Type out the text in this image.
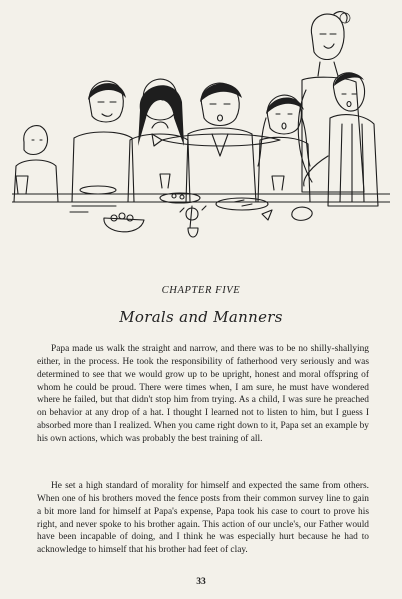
CHAPTER FIVE
Morals and Manners

Papa made us walk the straight and narrow, and there was to be no shilly-shallying either, in the process. He took the responsibility of fatherhood very seriously and was determined to see that we would grow up to be upright, honest and moral offspring of whom he could be proud. There were times when, I am sure, he must have wondered where he failed, but that didn't stop him from trying. As a child, I was sure he preached on behavior at any drop of a hat. I thought I learned not to listen to him, but I guess I absorbed more than I realized. When you came right down to it, Papa set an example by his own actions, which was probably the best training of all.

He set a high standard of morality for himself and expected the same from others. When one of his brothers moved the fence posts from their common survey line to gain a bit more land for himself at Papa's expense, Papa took his case to court to prove his right, and never spoke to his brother again. This action of our uncle's, our Father would have been incapable of doing, and I think he was especially hurt because he had to acknowledge to himself that his brother had feet of clay.

33
